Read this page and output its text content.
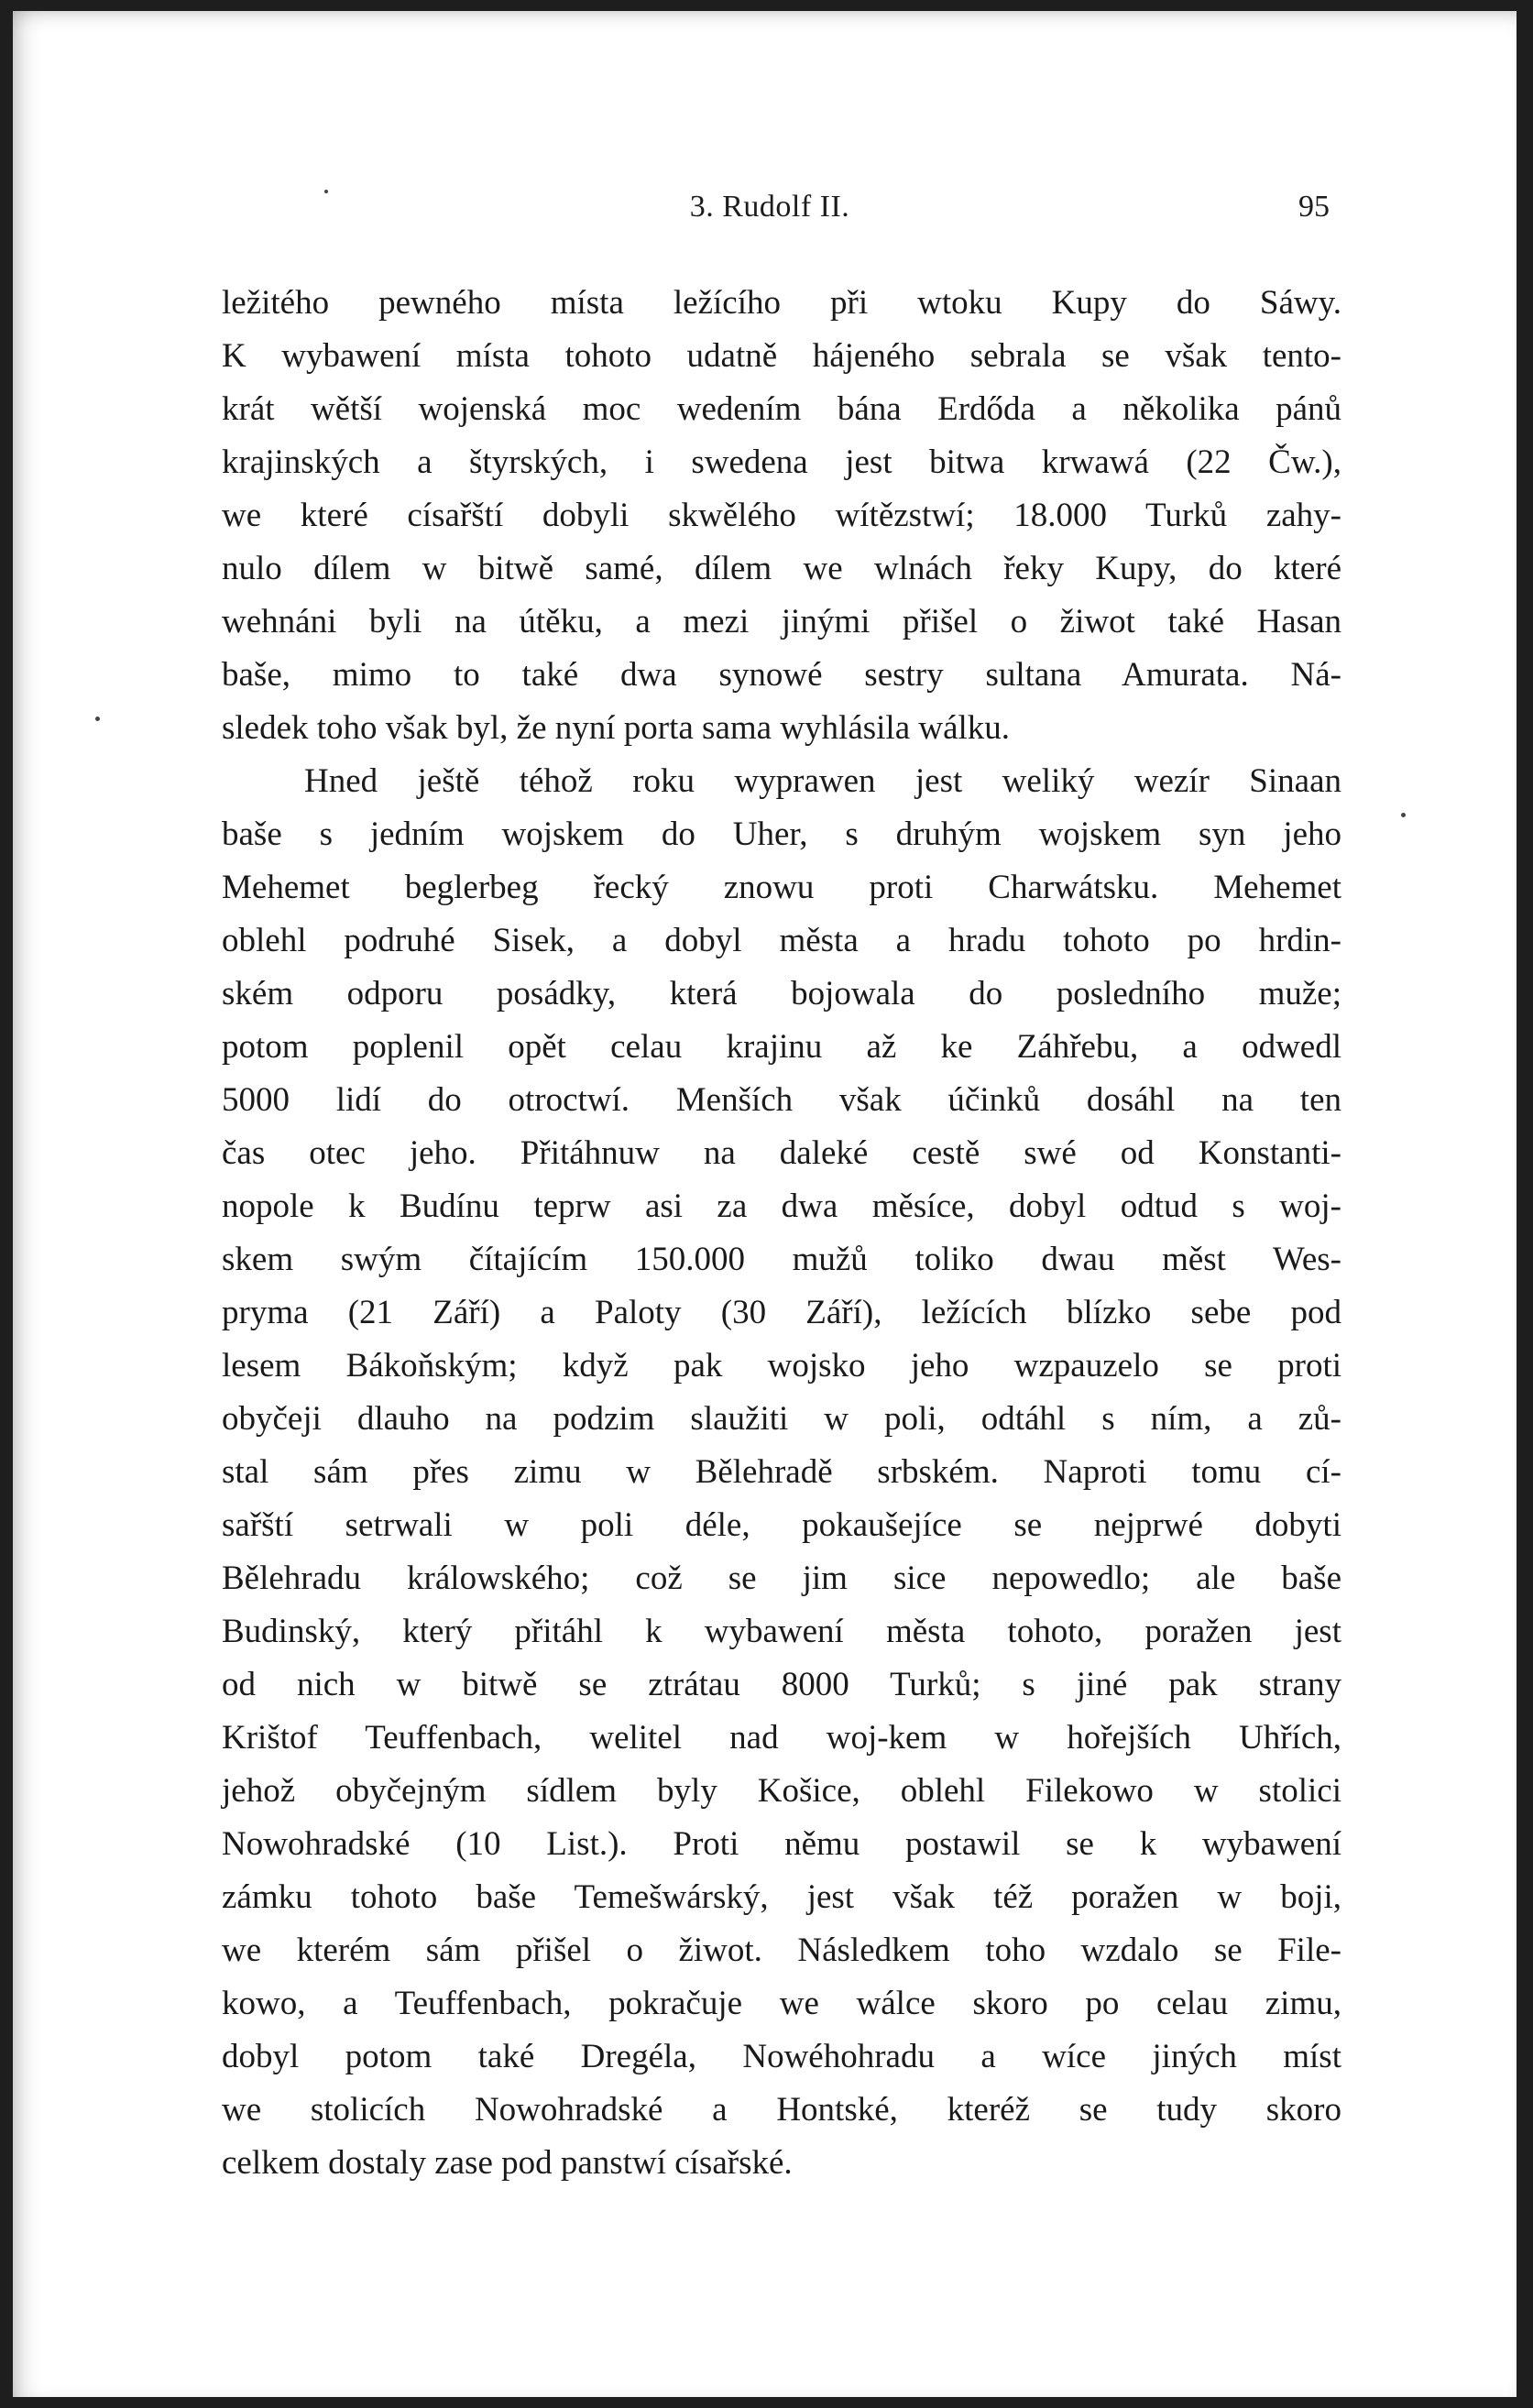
3. Rudolf II.	95
ležitého pewného místa ležícího při wtoku Kupy do Sáwy.
K wybawení místa tohoto udatně hájeného sebrala se však tento-
krát wětší wojenská moc wedením bána Erdőda a několika pánů
krajinských a štyrských, i swedena jest bitwa krwawá (22 Čw.),
we které císařští dobyli skwělého wítězstwí; 18.000 Turků zahy-
nulo dílem w bitwě samé, dílem we wlnách řeky Kupy, do které
wehnáni byli na útěku, a mezi jinými přišel o žiwot také Hasan
baše, mimo to také dwa synowé sestry sultana Amurata. Ná-
sledek toho však byl, že nyní porta sama wyhlásila wálku.
Hned ještě téhož roku wyprawen jest weliký wezír Sinaan
baše s jedním wojskem do Uher, s druhým wojskem syn jeho
Mehemet beglerbeg řecký znowu proti Charwátsku. Mehemet
oblehl podruhé Sisek, a dobyl města a hradu tohoto po hrdin-
ském odporu posádky, která bojowala do posledního muže;
potom poplenil opět celau krajinu až ke Záhřebu, a odwedl
5000 lidí do otroctwí. Menších však účinků dosáhl na ten
čas otec jeho. Přitáhnuw na daleké cestě swé od Konstanti-
nopole k Budínu teprw asi za dwa měsíce, dobyl odtud s woj-
skem swým čítajícím 150.000 mužů toliko dwau měst Wes-
pryma (21 Září) a Paloty (30 Září), ležících blízko sebe pod
lesem Bákoňským; když pak wojsko jeho wzpauzelo se proti
obyčeji dlauho na podzim slaužiti w poli, odtáhl s ním, a zů-
stal sám přes zimu w Bělehradě srbském. Naproti tomu cí-
sařští setrwali w poli déle, pokaušejíce se nejprwé dobyti
Bělehradu králowského; což se jim sice nepowedlo; ale baše
Budinský, který přitáhl k wybawení města tohoto, poražen jest
od nich w bitwě se ztrátau 8000 Turků; s jiné pak strany
Krištof Teuffenbach, welitel nad woj-kem w hořejších Uhřích,
jehož obyčejným sídlem byly Košice, oblehl Filekowo w stolici
Nowohradské (10 List.). Proti němu postawil se k wybawení
zámku tohoto baše Temešwárský, jest však též poražen w boji,
we kterém sám přišel o žiwot. Následkem toho wzdalo se File-
kowo, a Teuffenbach, pokračuje we wálce skoro po celau zimu,
dobyl potom také Dregéla, Nowéhohradu a wíce jiných míst
we stolicích Nowohradské a Hontské, kteréž se tudy skoro
celkem dostaly zase pod panstwí císařské.
